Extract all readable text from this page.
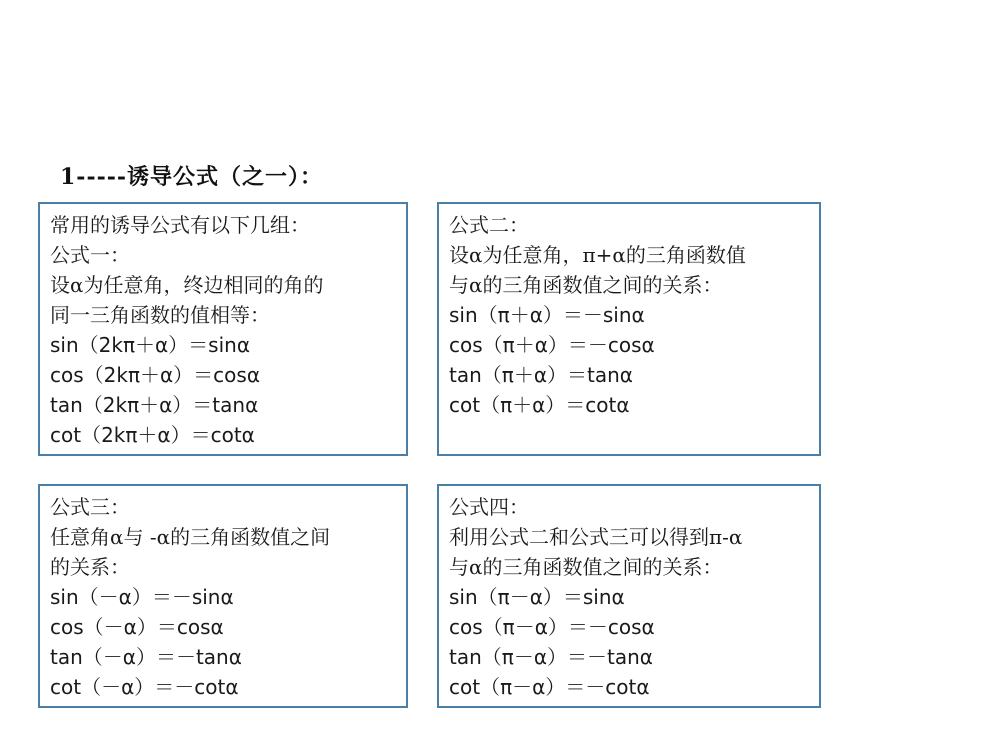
1-----诱导公式（之一）：
常用的诱导公式有以下几组：
公式一：
设α为任意角，终边相同的角的
同一三角函数的值相等：
sin（2kπ＋α）＝sinα
cos（2kπ＋α）＝cosα
tan（2kπ＋α）＝tanα
cot（2kπ＋α）＝cotα
公式二：
设α为任意角，π+α的三角函数值
与α的三角函数值之间的关系：
sin（π＋α）＝－sinα
cos（π＋α）＝－cosα
tan（π＋α）＝tanα
cot（π＋α）＝cotα
公式三：
任意角α与 -α的三角函数值之间
的关系：
sin（－α）＝－sinα
cos（－α）＝cosα
tan（－α）＝－tanα
cot（－α）＝－cotα
公式四：
利用公式二和公式三可以得到π-α
与α的三角函数值之间的关系：
sin（π－α）＝sinα
cos（π－α）＝－cosα
tan（π－α）＝－tanα
cot（π－α）＝－cotα
